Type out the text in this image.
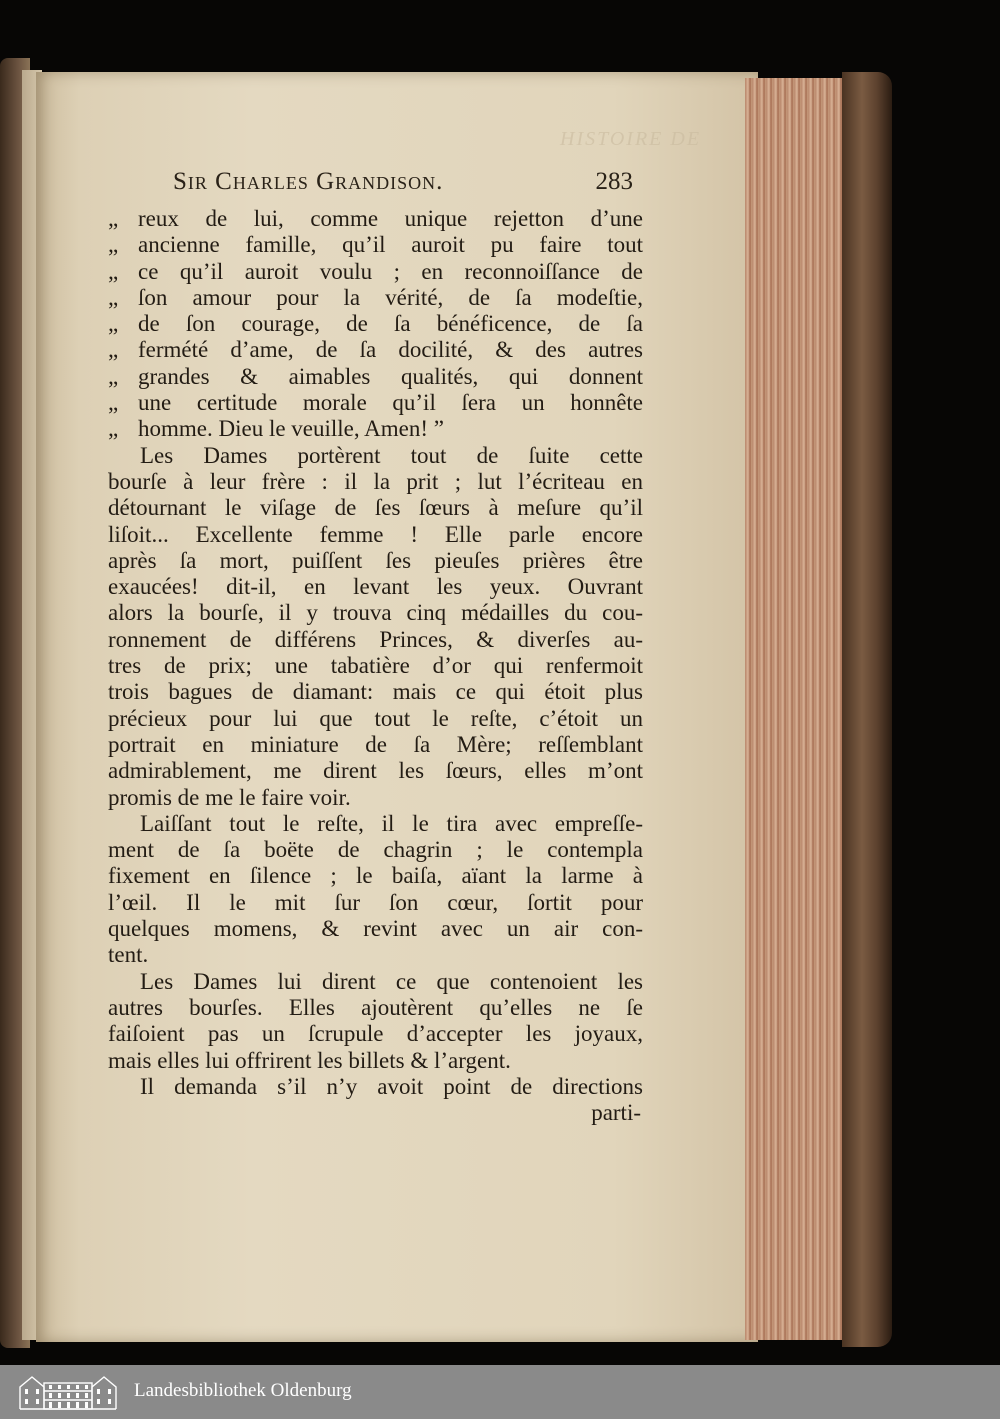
HISTOIRE DE
Sir Charles Grandison.	283
„ reux de lui, comme unique rejetton d’une
„ ancienne famille, qu’il auroit pu faire tout
„ ce qu’il auroit voulu ; en reconnoiſſance de
„ ſon amour pour la vérité, de ſa modeſtie,
„ de ſon courage, de ſa bénéficence, de ſa
„ fermété d’ame, de ſa docilité, & des autres
„ grandes & aimables qualités, qui donnent
„ une certitude morale qu’il ſera un honnête
„ homme. Dieu le veuille, Amen! ”
Les Dames portèrent tout de ſuite cette
bourſe à leur frère : il la prit ; lut l’écriteau en
détournant le viſage de ſes ſœurs à meſure qu’il
liſoit... Excellente femme ! Elle parle encore
après ſa mort, puiſſent ſes pieuſes prières être
exaucées! dit-il, en levant les yeux. Ouvrant
alors la bourſe, il y trouva cinq médailles du cou-
ronnement de différens Princes, & diverſes au-
tres de prix; une tabatière d’or qui renfermoit
trois bagues de diamant: mais ce qui étoit plus
précieux pour lui que tout le reſte, c’étoit un
portrait en miniature de ſa Mère; reſſemblant
admirablement, me dirent les ſœurs, elles m’ont
promis de me le faire voir.
Laiſſant tout le reſte, il le tira avec empreſſe-
ment de ſa boëte de chagrin ; le contempla
fixement en ſilence ; le baiſa, aïant la larme à
l’œil. Il le mit ſur ſon cœur, ſortit pour
quelques momens, & revint avec un air con-
tent.
Les Dames lui dirent ce que contenoient les
autres bourſes. Elles ajoutèrent qu’elles ne ſe
faiſoient pas un ſcrupule d’accepter les joyaux,
mais elles lui offrirent les billets & l’argent.
Il demanda s’il n’y avoit point de directions
parti-
Landesbibliothek Oldenburg
